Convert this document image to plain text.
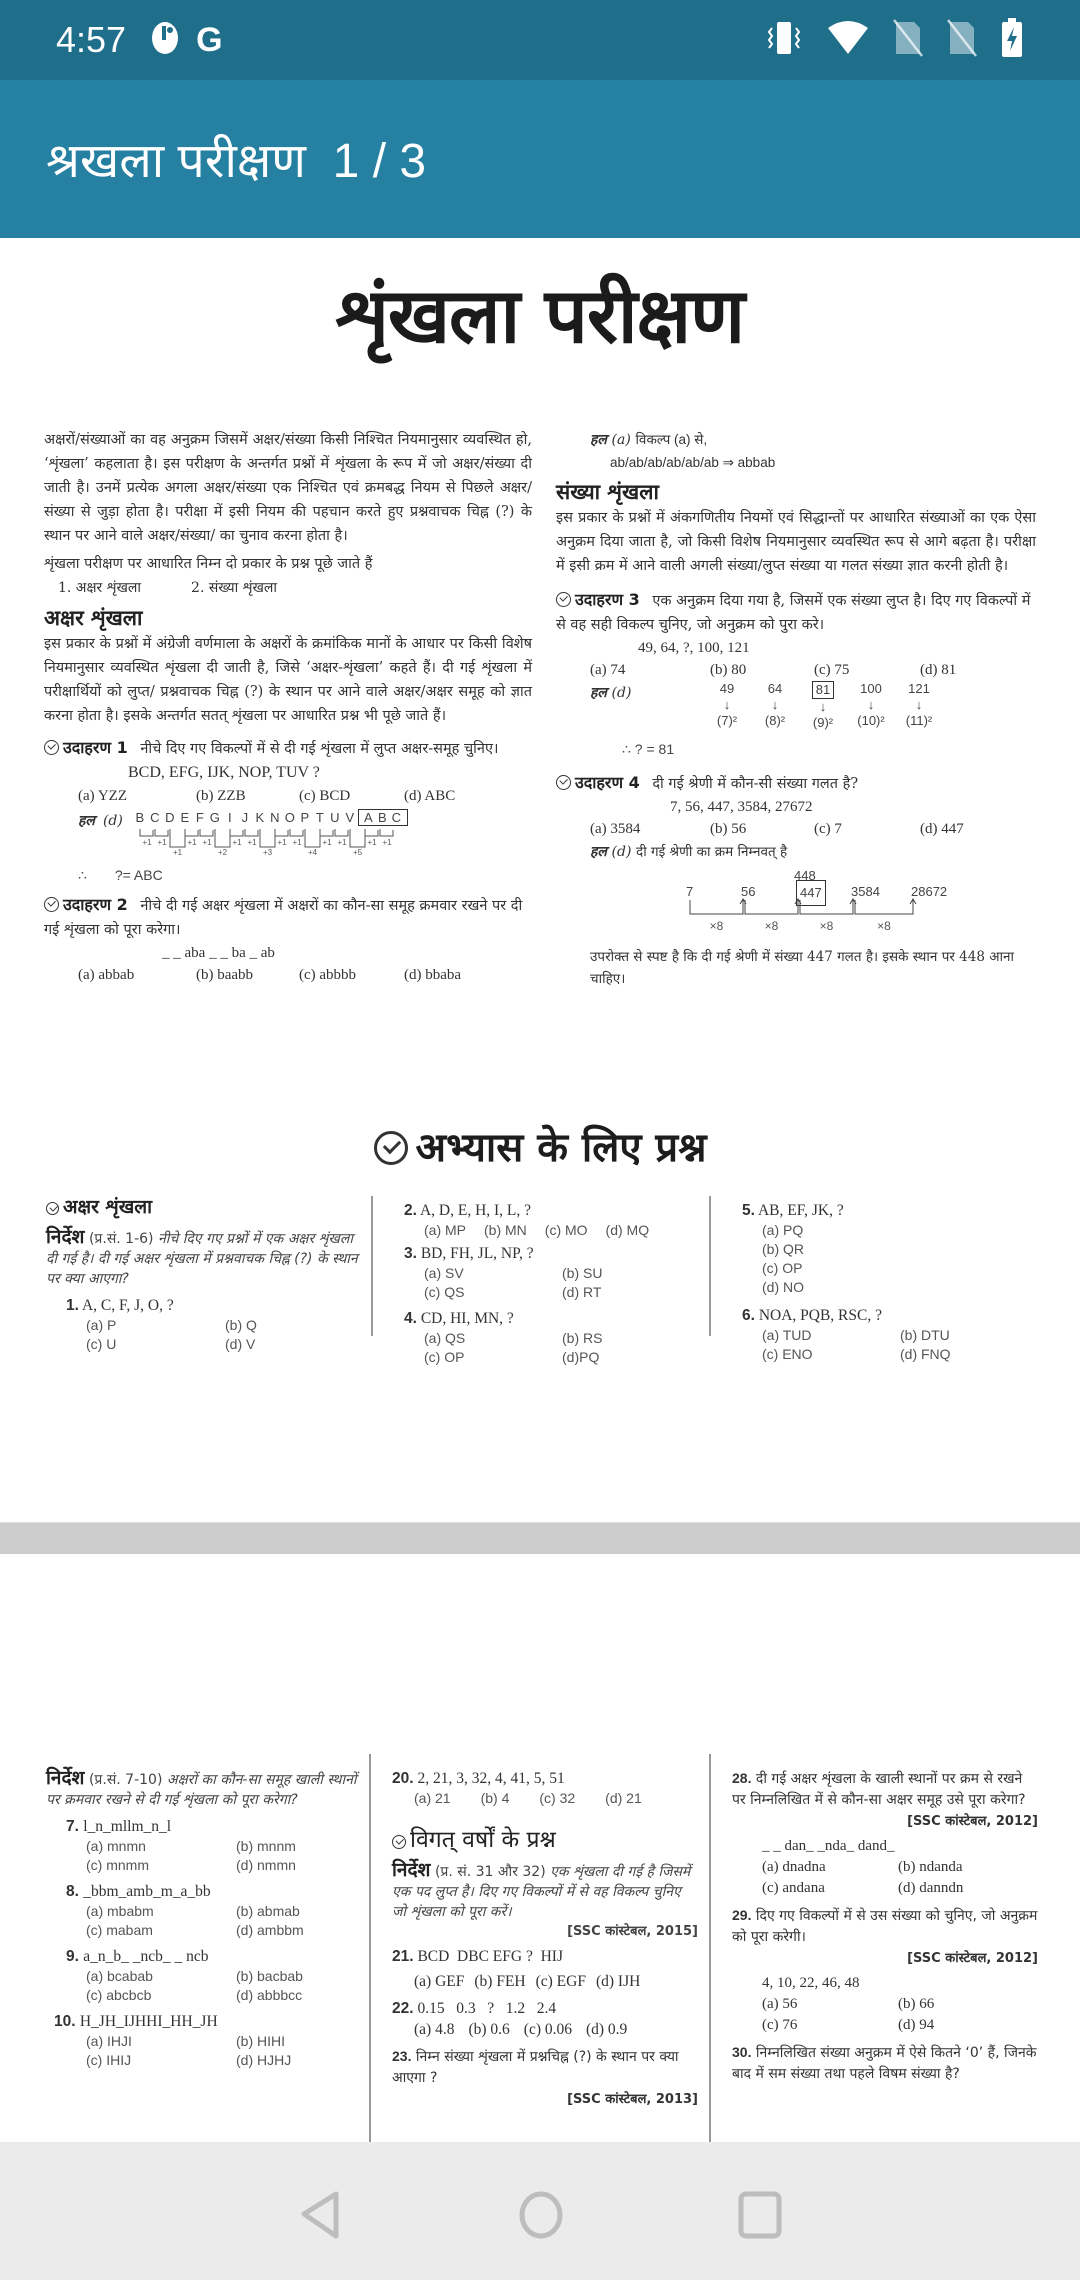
4:57 G
श्रखला परीक्षण  1 / 3
शृंखला परीक्षण

अक्षरों/संख्याओं का वह अनुक्रम जिसमें अक्षर/संख्या किसी निश्चित नियमानुसार व्यवस्थित हो, ‘शृंखला’ कहलाता है। इस परीक्षण के अन्तर्गत प्रश्नों में शृंखला के रूप में जो अक्षर/संख्या दी जाती है। उनमें प्रत्येक अगला अक्षर/संख्या एक निश्चित एवं क्रमबद्ध नियम से पिछले अक्षर/संख्या से जुड़ा होता है। परीक्षा में इसी नियम की पहचान करते हुए प्रश्नवाचक चिह्न (?) के स्थान पर आने वाले अक्षर/संख्या/ का चुनाव करना होता है।

शृंखला परीक्षण पर आधारित निम्न दो प्रकार के प्रश्न पूछे जाते हैं

1. अक्षर शृंखला	2. संख्या शृंखला
अक्षर शृंखला

इस प्रकार के प्रश्नों में अंग्रेजी वर्णमाला के अक्षरों के क्रमांकिक मानों के आधार पर किसी विशेष नियमानुसार व्यवस्थित शृंखला दी जाती है, जिसे ‘अक्षर-शृंखला’ कहते हैं। दी गई शृंखला में परीक्षार्थियों को लुप्त/ प्रश्नवाचक चिह्न (?) के स्थान पर आने वाले अक्षर/अक्षर समूह को ज्ञात करना होता है। इसके अन्तर्गत सतत् शृंखला पर आधारित प्रश्न भी पूछे जाते हैं।

उदाहरण 1 नीचे दिए गए विकल्पों में से दी गई शृंखला में लुप्त अक्षर-समूह चुनिए।
BCD, EFG, IJK, NOP, TUV ?
(a) YZZ	(b) ZZB	(c) BCD	(d) ABC
हल (d) B C D E F G I J K N O P T U V A B C
+1 +1
+1
+1 +1
+2
+1 +1
+3
+1 +1
+4
+1 +1
+5
+1 +1
∴ ?= ABC
उदाहरण 2 नीचे दी गई अक्षर शृंखला में अक्षरों का कौन-सा समूह क्रमवार रखने पर दी गई शृंखला को पूरा करेगा।
_ _ aba _ _ ba _ ab
(a) abbab	(b) baabb	(c) abbbb	(d) bbaba
हल (a) विकल्प (a) से,
ab/ab/ab/ab/ab/ab ⇒ abbab
संख्या शृंखला

इस प्रकार के प्रश्नों में अंकगणितीय नियमों एवं सिद्धान्तों पर आधारित संख्याओं का एक ऐसा अनुक्रम दिया जाता है, जो किसी विशेष नियमानुसार व्यवस्थित रूप से आगे बढ़ता है। परीक्षा में इसी क्रम में आने वाली अगली संख्या/लुप्त संख्या या गलत संख्या ज्ञात करनी होती है।

उदाहरण 3 एक अनुक्रम दिया गया है, जिसमें एक संख्या लुप्त है। दिए गए विकल्पों में से वह सही विकल्प चुनिए, जो अनुक्रम को पुरा करे।
49, 64, ?, 100, 121
(a) 74	(b) 80	(c) 75	(d) 81
हल (d)	49
↓
(7)²
64
↓
(8)²
81
↓
(9)²
100
↓
(10)²
121
↓
(11)²
∴ ? = 81
उदाहरण 4 दी गई श्रेणी में कौन-सी संख्या गलत है?
7, 56, 447, 3584, 27672
(a) 3584	(b) 56	(c) 7	(d) 447
हल (d) दी गई श्रेणी का क्रम निम्नवत् है
448
7	56	447	3584 28672
×8	×8	×8	×8

उपरोक्त से स्पष्ट है कि दी गई श्रेणी में संख्या 447 गलत है। इसके स्थान पर 448 आना चाहिए।

अभ्यास के लिए प्रश्न
अक्षर शृंखला
निर्देश (प्र.सं. 1-6) नीचे दिए गए प्रश्नों में एक अक्षर शृंखला दी गई है। दी गई अक्षर शृंखला में प्रश्नवाचक चिह्न (?) के स्थान पर क्या आएगा?
1. A, C, F, J, O, ?
(a) P	(b) Q
(c) U	(d) V
2. A, D, E, H, I, L, ?
(a) MP (b) MN (c) MO (d) MQ
3. BD, FH, JL, NP, ?
(a) SV	(b) SU
(c) QS	(d) RT
4. CD, HI, MN, ?
(a) QS	(b) RS
(c) OP	(d)PQ
5. AB, EF, JK, ?
(a) PQ
(b) QR
(c) OP
(d) NO
6. NOA, PQB, RSC, ?
(a) TUD	(b) DTU
(c) ENO	(d) FNQ
निर्देश (प्र.सं. 7-10) अक्षरों का कौन-सा समूह खाली स्थानों पर क्रमवार रखने से दी गई शृंखला को पूरा करेगा?
7. l_n_mllm_n_l
(a) mnmn	(b) mnnm
(c) mnmm	(d) nmmn
8. _bbm_amb_m_a_bb
(a) mbabm	(b) abmab
(c) mabam	(d) ambbm
9. a_n_b_ _ncb_ _ ncb
(a) bcabab	(b) bacbab
(c) abcbcb	(d) abbbcc
10. H_JH_IJHHI_HH_JH
(a) IHJI	(b) HIHI
(c) IHIJ	(d) HJHJ
20. 2, 21, 3, 32, 4, 41, 5, 51
(a) 21 (b) 4 (c) 32 (d) 21
विगत् वर्षों के प्रश्न
निर्देश (प्र. सं. 31 और 32) एक शृंखला दी गई है जिसमें एक पद लुप्त है। दिए गए विकल्पों में से वह विकल्प चुनिए जो शृंखला को पूरा करें।
[SSC कांस्टेबल, 2015]
21. BCD  DBC EFG ?  HIJ
(a) GEF (b) FEH (c) EGF (d) IJH
22. 0.15   0.3   ?   1.2   2.4
(a) 4.8 (b) 0.6 (c) 0.06 (d) 0.9
23. निम्न संख्या शृंखला में प्रश्नचिह्न (?) के स्थान पर क्या आएगा ?
[SSC कांस्टेबल, 2013]
28. दी गई अक्षर शृंखला के खाली स्थानों पर क्रम से रखने पर निम्नलिखित में से कौन-सा अक्षर समूह उसे पूरा करेगा?
[SSC कांस्टेबल, 2012]
_ _ dan_ _nda_ dand_
(a) dnadna	(b) ndanda
(c) andana	(d) danndn
29. दिए गए विकल्पों में से उस संख्या को चुनिए, जो अनुक्रम को पूरा करेगी।
[SSC कांस्टेबल, 2012]
4, 10, 22, 46, 48
(a) 56	(b) 66
(c) 76	(d) 94
30. निम्नलिखित संख्या अनुक्रम में ऐसे कितने ‘0’ हैं, जिनके बाद में सम संख्या तथा पहले विषम संख्या है?
